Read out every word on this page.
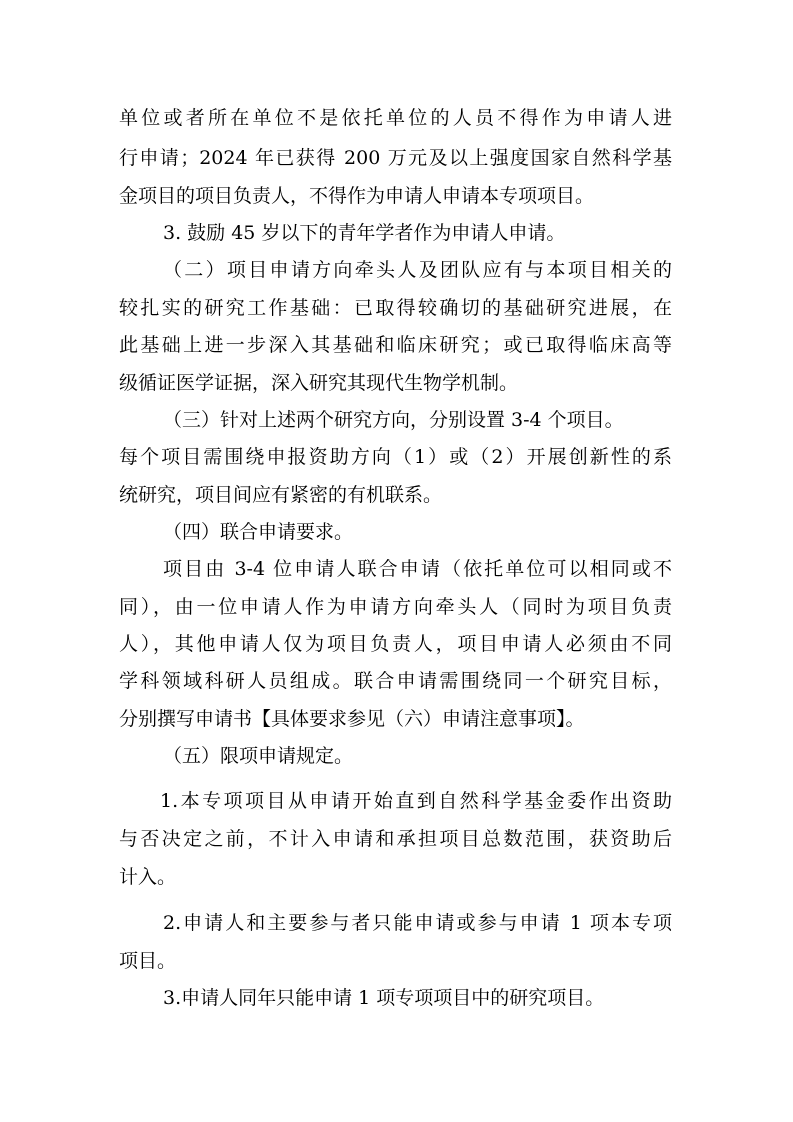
单位或者所在单位不是依托单位的人员不得作为申请人进

行申请；2024 年已获得 200 万元及以上强度国家自然科学基

金项目的项目负责人，不得作为申请人申请本专项项目。

3. 鼓励 45 岁以下的青年学者作为申请人申请。

（二）项目申请方向牵头人及团队应有与本项目相关的

较扎实的研究工作基础：已取得较确切的基础研究进展，在

此基础上进一步深入其基础和临床研究；或已取得临床高等

级循证医学证据，深入研究其现代生物学机制。

（三）针对上述两个研究方向，分别设置 3-4 个项目。

每个项目需围绕申报资助方向（1）或（2）开展创新性的系

统研究，项目间应有紧密的有机联系。

（四）联合申请要求。

项目由 3-4 位申请人联合申请（依托单位可以相同或不

同），由一位申请人作为申请方向牵头人（同时为项目负责

人），其他申请人仅为项目负责人，项目申请人必须由不同

学科领域科研人员组成。联合申请需围绕同一个研究目标，

分别撰写申请书【具体要求参见（六）申请注意事项】。

（五）限项申请规定。

1.本专项项目从申请开始直到自然科学基金委作出资助

与否决定之前，不计入申请和承担项目总数范围，获资助后

计入。

2.申请人和主要参与者只能申请或参与申请 1 项本专项

项目。

3.申请人同年只能申请 1 项专项项目中的研究项目。
